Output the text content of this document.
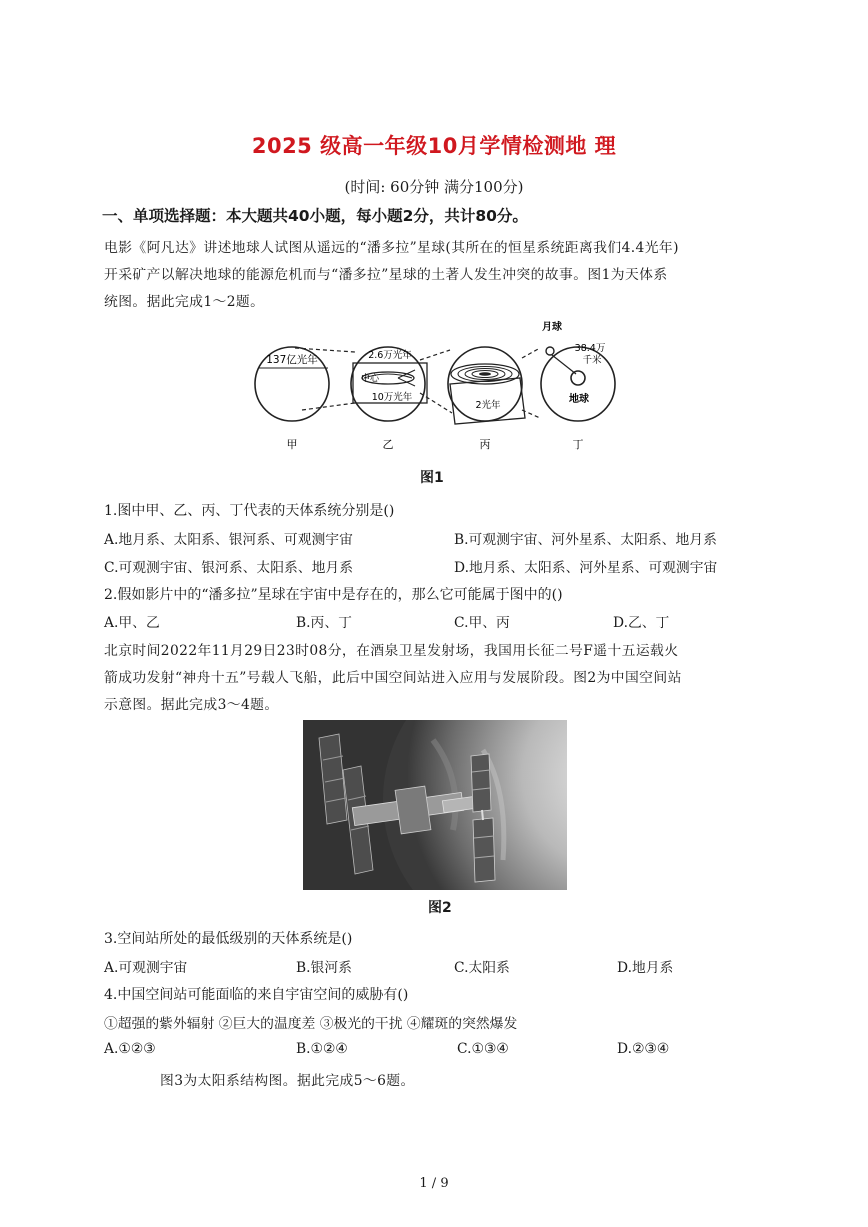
2025 级高一年级10月学情检测地 理
(时间: 60分钟 满分100分)
一、单项选择题：本大题共40小题，每小题2分，共计80分。
电影《阿凡达》讲述地球人试图从遥远的“潘多拉”星球(其所在的恒星系统距离我们4.4光年)
开采矿产以解决地球的能源危机而与“潘多拉”星球的土著人发生冲突的故事。图1为天体系
统图。据此完成1～2题。
137亿光年	2.6万光年
中心
10万光年
2光年
月球
38.4万
千米
地球
甲	乙	丙	丁
图1
1.图中甲、乙、丙、丁代表的天体系统分别是()
A.地月系、太阳系、银河系、可观测宇宙	B.可观测宇宙、河外星系、太阳系、地月系
C.可观测宇宙、银河系、太阳系、地月系	D.地月系、太阳系、河外星系、可观测宇宙
2.假如影片中的“潘多拉”星球在宇宙中是存在的，那么它可能属于图中的()
A.甲、乙	B.丙、丁	C.甲、丙	D.乙、丁
北京时间2022年11月29日23时08分，在酒泉卫星发射场，我国用长征二号F遥十五运载火
箭成功发射“神舟十五”号载人飞船，此后中国空间站进入应用与发展阶段。图2为中国空间站
示意图。据此完成3～4题。
图2
3.空间站所处的最低级别的天体系统是()
A.可观测宇宙	B.银河系	C.太阳系	D.地月系
4.中国空间站可能面临的来自宇宙空间的威胁有()
①超强的紫外辐射 ②巨大的温度差 ③极光的干扰 ④耀斑的突然爆发
A.①②③	B.①②④	C.①③④	D.②③④
图3为太阳系结构图。据此完成5～6题。
1 / 9
